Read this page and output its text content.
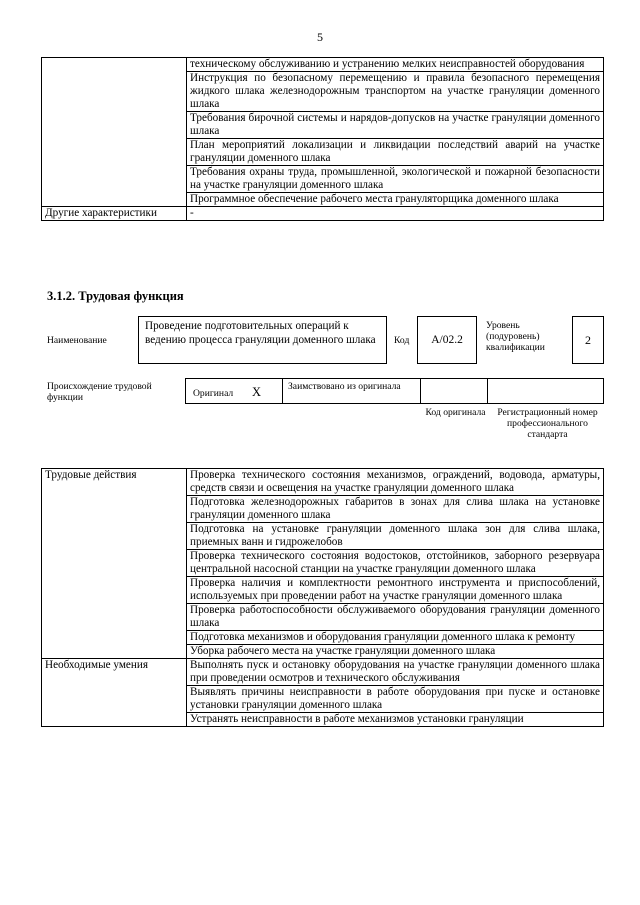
5
	техническому обслуживанию и устранению мелких неисправностей оборудования
	Инструкция по безопасному перемещению и правила безопасного перемещения жидкого шлака железнодорожным транспортом на участке грануляции доменного шлака
	Требования бирочной системы и нарядов-допусков на участке грануляции доменного шлака
	План мероприятий локализации и ликвидации последствий аварий на участке грануляции доменного шлака
	Требования охраны труда, промышленной, экологической и пожарной безопасности на участке грануляции доменного шлака
	Программное обеспечение рабочего места грануляторщика доменного шлака
Другие характеристики	-
3.1.2. Трудовая функция
Наименование
Проведение подготовительных операций к ведению процесса грануляции доменного шлака	Код	А/02.2
Уровень (подуровень) квалификации
2
Происхождение трудовой функции	Оригинал X	Заимствовано из оригинала
Код оригинала	Регистрационный номер профессионального стандарта
Трудовые действия	Проверка технического состояния механизмов, ограждений, водовода, арматуры, средств связи и освещения на участке грануляции доменного шлака
	Подготовка железнодорожных габаритов в зонах для слива шлака на установке грануляции доменного шлака
	Подготовка на установке грануляции доменного шлака зон для слива шлака, приемных ванн и гидрожелобов
	Проверка технического состояния водостоков, отстойников, заборного резервуара центральной насосной станции на участке грануляции доменного шлака
	Проверка наличия и комплектности ремонтного инструмента и приспособлений, используемых при проведении работ на участке грануляции доменного шлака
	Проверка работоспособности обслуживаемого оборудования грануляции доменного шлака
	Подготовка механизмов и оборудования грануляции доменного шлака к ремонту
	Уборка рабочего места на участке грануляции доменного шлака
Необходимые умения	Выполнять пуск и остановку оборудования на участке грануляции доменного шлака при проведении осмотров и технического обслуживания
	Выявлять причины неисправности в работе оборудования при пуске и остановке установки грануляции доменного шлака
	Устранять неисправности в работе механизмов установки грануляции
